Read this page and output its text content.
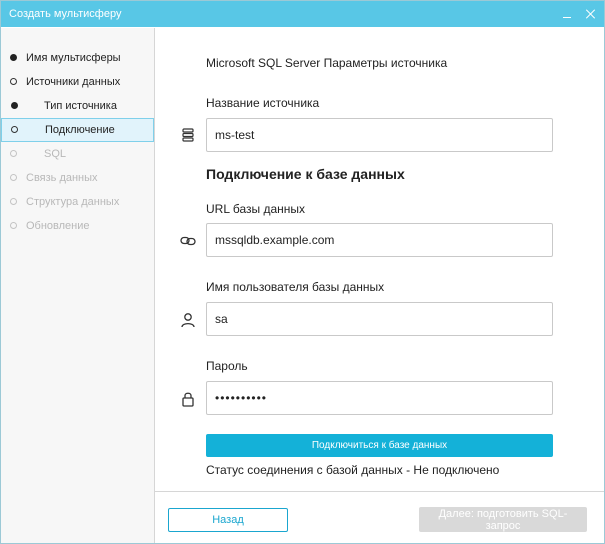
Создать мультисферу
Имя мультисферы
Источники данных
Тип источника
Подключение
SQL
Связь данных
Структура данных
Обновление
Microsoft SQL Server Параметры источника
Название источника
ms-test
Подключение к базе данных
URL базы данных
mssqldb.example.com
Имя пользователя базы данных
sa
Пароль
••••••••••
Подключиться к базе данных
Статус соединения с базой данных - Не подключено
Назад	Далее: подготовить SQL-запрос
